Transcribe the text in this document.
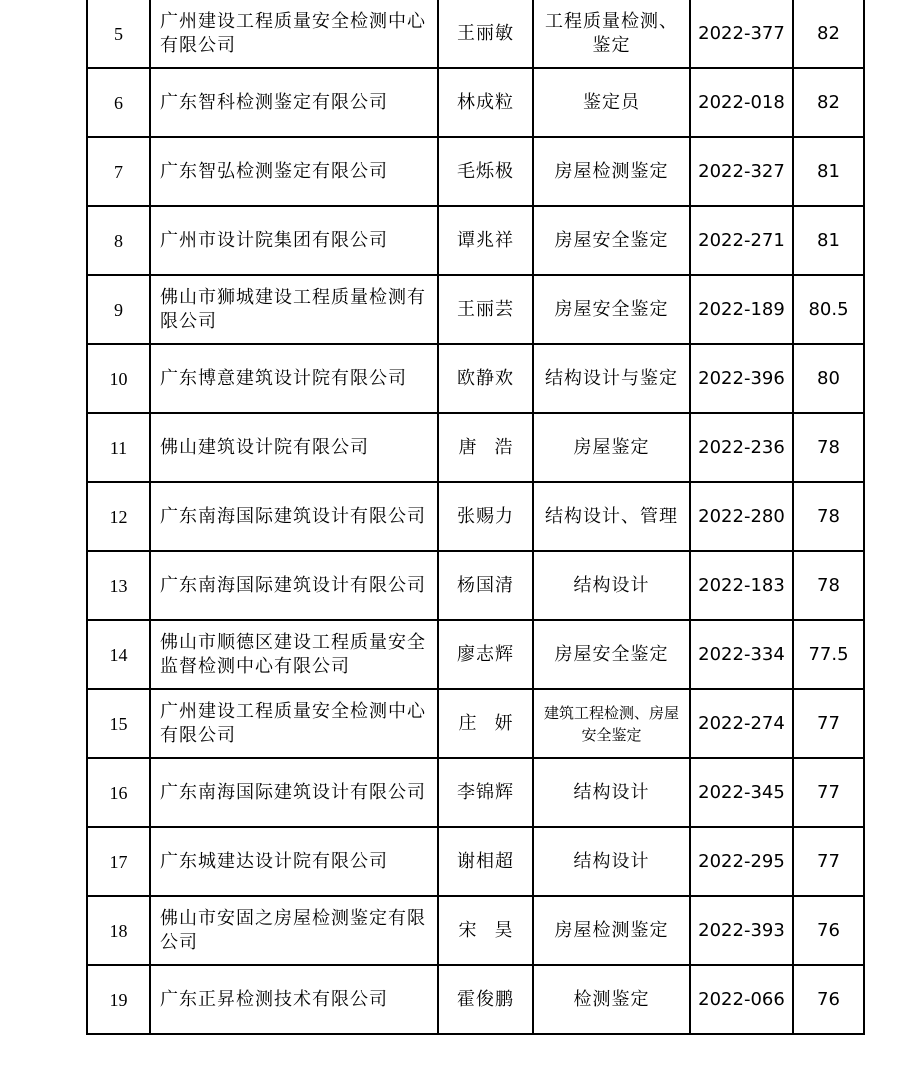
5	广州建设工程质量安全检测中心有限公司	王丽敏	工程质量检测、鉴定	2022-377	82
6	广东智科检测鉴定有限公司	林成粒	鉴定员	2022-018	82
7	广东智弘检测鉴定有限公司	毛烁极	房屋检测鉴定	2022-327	81
8	广州市设计院集团有限公司	谭兆祥	房屋安全鉴定	2022-271	81
9	佛山市狮城建设工程质量检测有限公司	王丽芸	房屋安全鉴定	2022-189	80.5
10	广东博意建筑设计院有限公司	欧静欢	结构设计与鉴定	2022-396	80
11	佛山建筑设计院有限公司	唐浩	房屋鉴定	2022-236	78
12	广东南海国际建筑设计有限公司	张赐力	结构设计、管理	2022-280	78
13	广东南海国际建筑设计有限公司	杨国清	结构设计	2022-183	78
14	佛山市顺德区建设工程质量安全监督检测中心有限公司	廖志辉	房屋安全鉴定	2022-334	77.5
15	广州建设工程质量安全检测中心有限公司	庄妍	建筑工程检测、房屋安全鉴定	2022-274	77
16	广东南海国际建筑设计有限公司	李锦辉	结构设计	2022-345	77
17	广东城建达设计院有限公司	谢相超	结构设计	2022-295	77
18	佛山市安固之房屋检测鉴定有限公司	宋昊	房屋检测鉴定	2022-393	76
19	广东正昇检测技术有限公司	霍俊鹏	检测鉴定	2022-066	76
